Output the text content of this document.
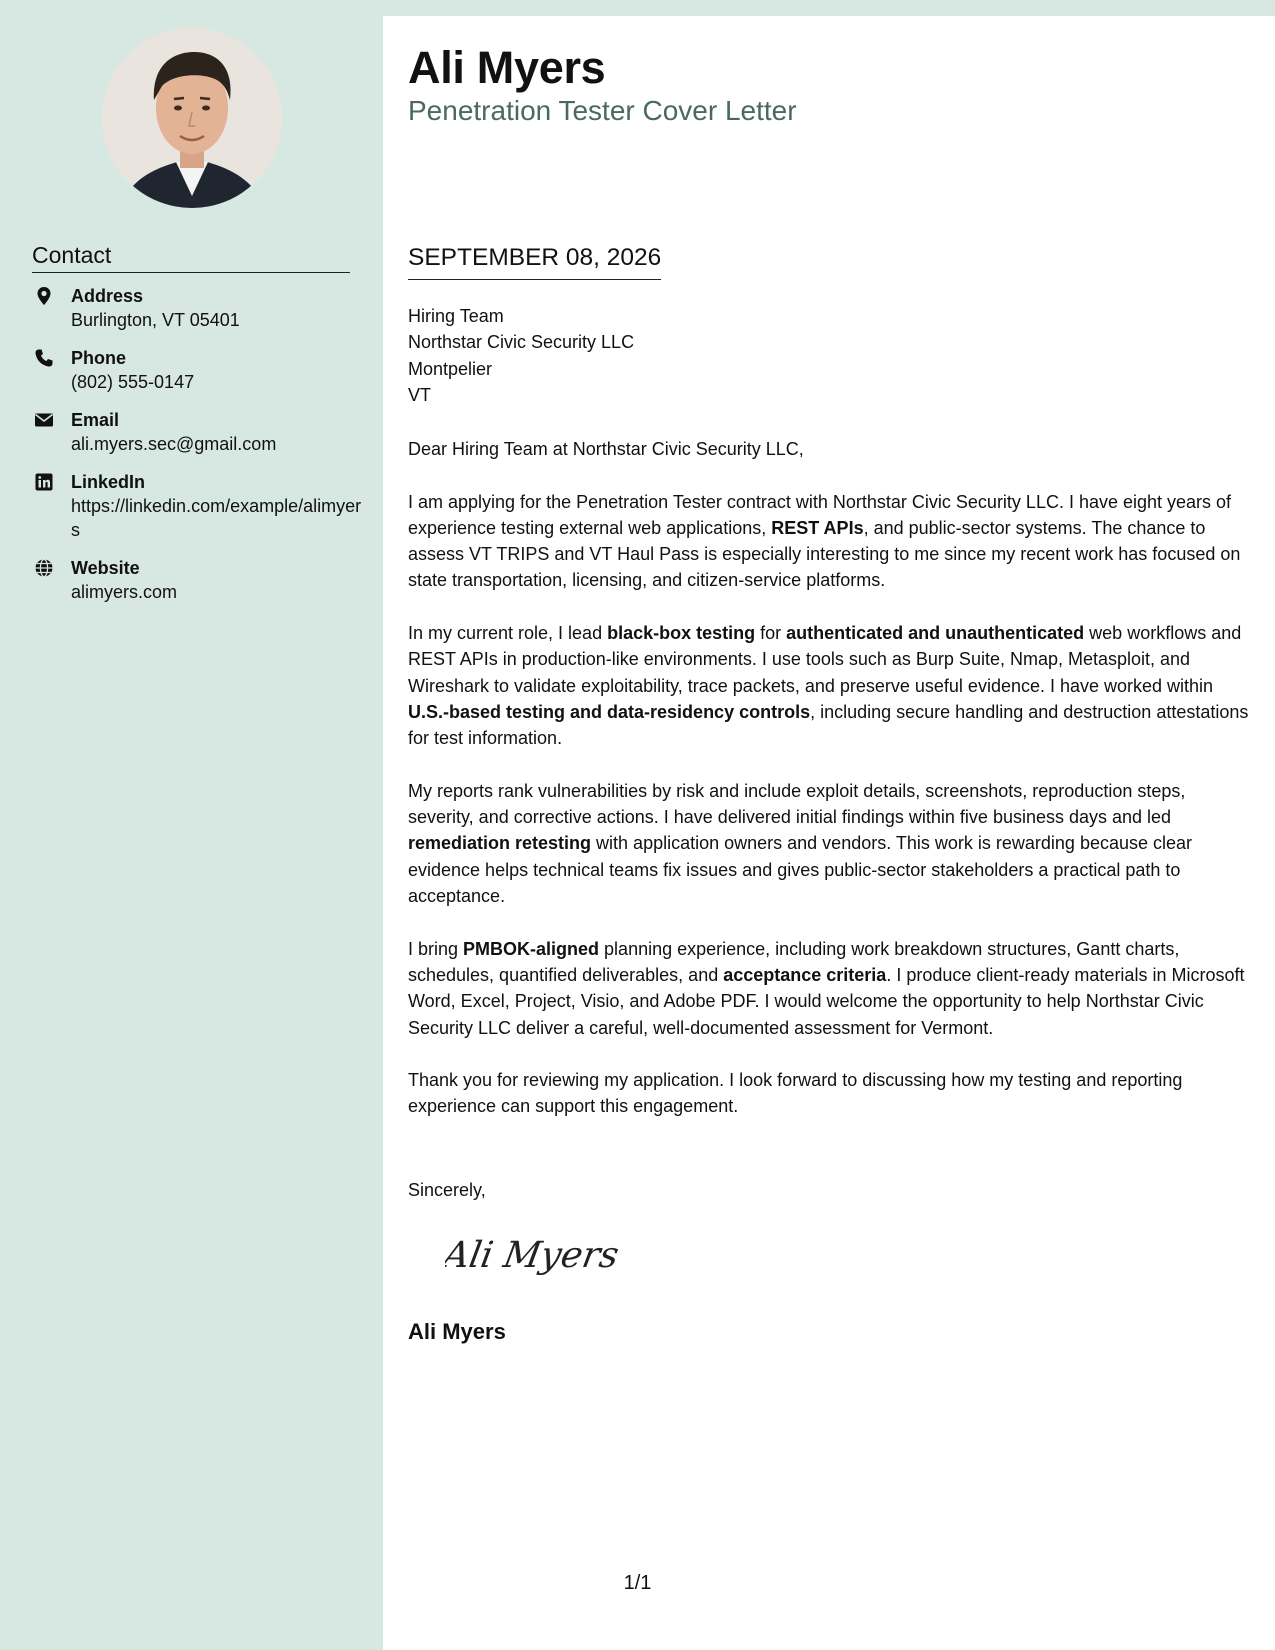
Contact
Address
Burlington, VT 05401
Phone
(802) 555-0147
Email
ali.myers.sec@gmail.com
LinkedIn
https://linkedin.com/example/alimyers
Website
alimyers.com
Ali Myers
Penetration Tester Cover Letter
SEPTEMBER 08, 2026
Hiring Team
Northstar Civic Security LLC
Montpelier
VT
Dear Hiring Team at Northstar Civic Security LLC,

I am applying for the Penetration Tester contract with Northstar Civic Security LLC. I have eight years of experience testing external web applications, REST APIs, and public-sector systems. The chance to assess VT TRIPS and VT Haul Pass is especially interesting to me since my recent work has focused on state transportation, licensing, and citizen-service platforms.

In my current role, I lead black-box testing for authenticated and unauthenticated web workflows and REST APIs in production-like environments. I use tools such as Burp Suite, Nmap, Metasploit, and Wireshark to validate exploitability, trace packets, and preserve useful evidence. I have worked within U.S.-based testing and data-residency controls, including secure handling and destruction attestations for test information.

My reports rank vulnerabilities by risk and include exploit details, screenshots, reproduction steps, severity, and corrective actions. I have delivered initial findings within five business days and led remediation retesting with application owners and vendors. This work is rewarding because clear evidence helps technical teams fix issues and gives public-sector stakeholders a practical path to acceptance.

I bring PMBOK-aligned planning experience, including work breakdown structures, Gantt charts, schedules, quantified deliverables, and acceptance criteria. I produce client-ready materials in Microsoft Word, Excel, Project, Visio, and Adobe PDF. I would welcome the opportunity to help Northstar Civic Security LLC deliver a careful, well-documented assessment for Vermont.

Thank you for reviewing my application. I look forward to discussing how my testing and reporting experience can support this engagement.

Sincerely,
Ali Myers
Ali Myers
1/1
